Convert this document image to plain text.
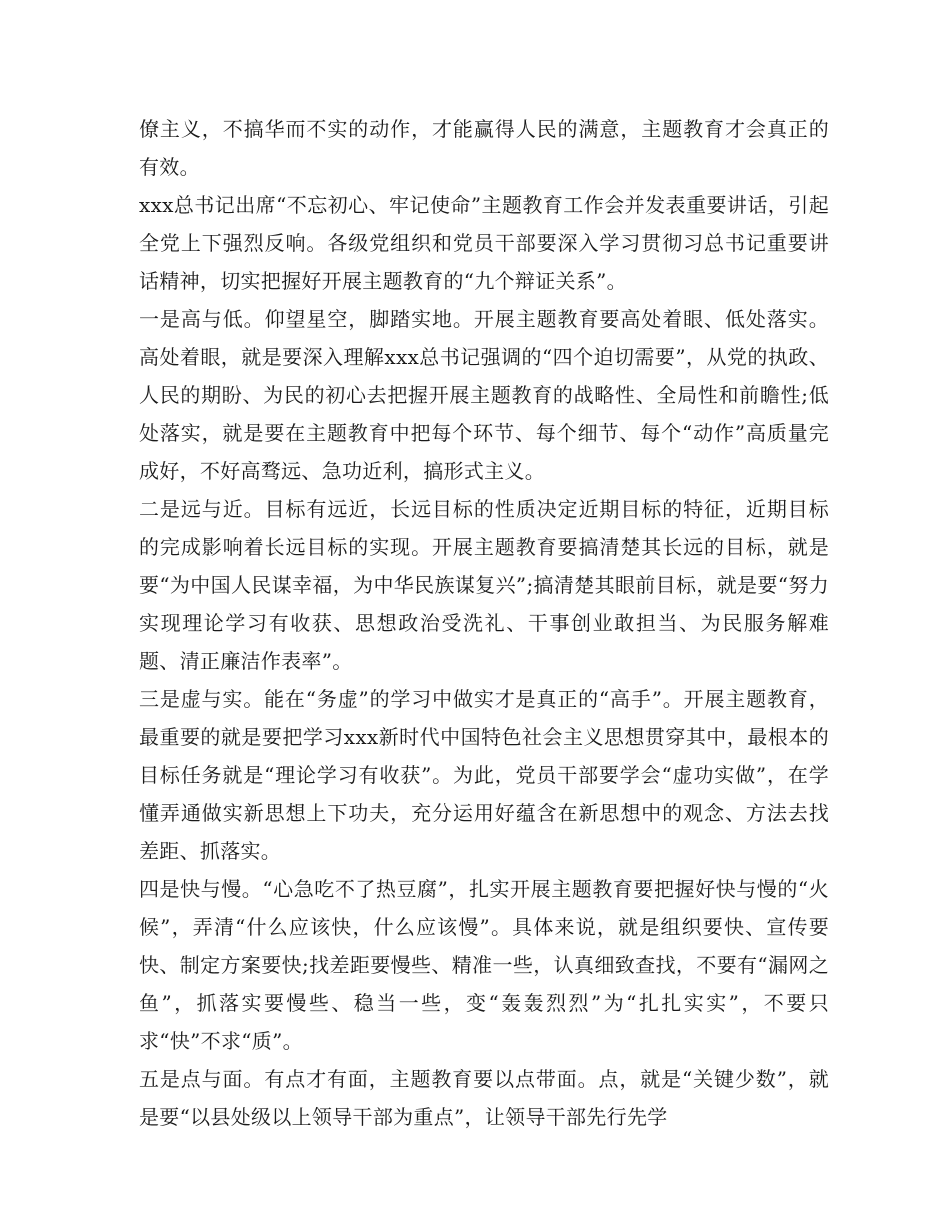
僚主义，不搞华而不实的动作，才能赢得人民的满意，主题教育才会真正的有效。

xxx总书记出席“不忘初心、牢记使命”主题教育工作会并发表重要讲话，引起全党上下强烈反响。各级党组织和党员干部要深入学习贯彻习总书记重要讲话精神，切实把握好开展主题教育的“九个辩证关系”。

一是高与低。仰望星空，脚踏实地。开展主题教育要高处着眼、低处落实。高处着眼，就是要深入理解xxx总书记强调的“四个迫切需要”，从党的执政、人民的期盼、为民的初心去把握开展主题教育的战略性、全局性和前瞻性;低处落实，就是要在主题教育中把每个环节、每个细节、每个“动作”高质量完成好，不好高骛远、急功近利，搞形式主义。

二是远与近。目标有远近，长远目标的性质决定近期目标的特征，近期目标的完成影响着长远目标的实现。开展主题教育要搞清楚其长远的目标，就是要“为中国人民谋幸福，为中华民族谋复兴”;搞清楚其眼前目标，就是要“努力实现理论学习有收获、思想政治受洗礼、干事创业敢担当、为民服务解难题、清正廉洁作表率”。

三是虚与实。能在“务虚”的学习中做实才是真正的“高手”。开展主题教育，最重要的就是要把学习xxx新时代中国特色社会主义思想贯穿其中，最根本的目标任务就是“理论学习有收获”。为此，党员干部要学会“虚功实做”，在学懂弄通做实新思想上下功夫，充分运用好蕴含在新思想中的观念、方法去找差距、抓落实。

四是快与慢。“心急吃不了热豆腐”，扎实开展主题教育要把握好快与慢的“火候”，弄清“什么应该快，什么应该慢”。具体来说，就是组织要快、宣传要快、制定方案要快;找差距要慢些、精准一些，认真细致查找，不要有“漏网之鱼”，抓落实要慢些、稳当一些，变“轰轰烈烈”为“扎扎实实”，不要只求“快”不求“质”。

五是点与面。有点才有面，主题教育要以点带面。点，就是“关键少数”，就是要“以县处级以上领导干部为重点”，让领导干部先行先学
